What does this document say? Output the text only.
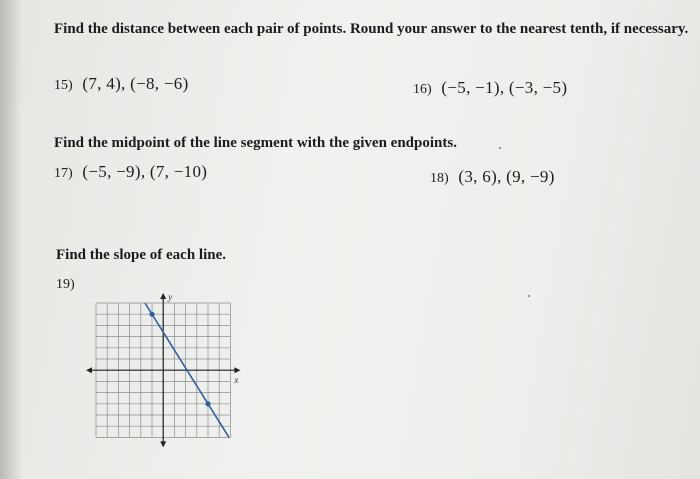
Find the distance between each pair of points. Round your answer to the nearest tenth, if necessary.
15) (7, 4), (−8, −6)	16) (−5, −1), (−3, −5)
Find the midpoint of the line segment with the given endpoints.
17) (−5, −9), (7, −10)	18) (3, 6), (9, −9)
Find the slope of each line.
19)
x
y
